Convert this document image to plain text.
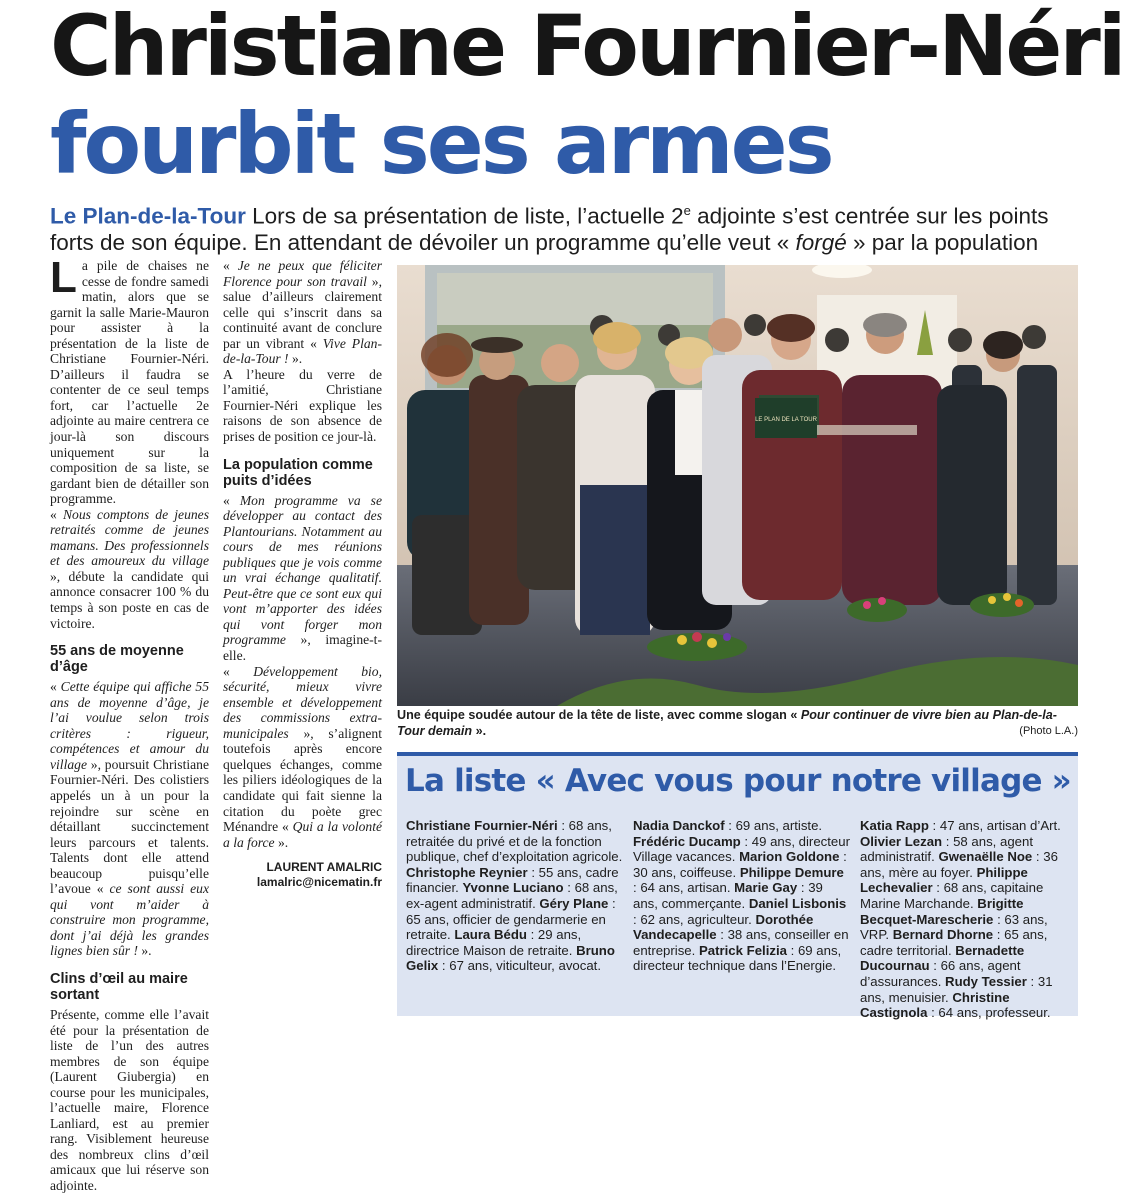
Christiane Fournier-Néri
fourbit ses armes
Le Plan-de-la-Tour Lors de sa présentation de liste, l’actuelle 2e adjointe s’est centrée sur les points forts de son équipe. En attendant de dévoiler un programme qu’elle veut « forgé » par la population

La pile de chaises ne cesse de fondre samedi matin, alors que se garnit la salle Marie-Mauron pour assister à la présentation de la liste de Christiane Fournier-Néri. D’ailleurs il faudra se contenter de ce seul temps fort, car l’actuelle 2e adjointe au maire centrera ce jour-là son discours uniquement sur la composition de sa liste, se gardant bien de détailler son programme.

« Nous comptons de jeunes retraités comme de jeunes mamans. Des professionnels et des amoureux du village », débute la candidate qui annonce consacrer 100 % du temps à son poste en cas de victoire.

55 ans de moyenne d’âge

« Cette équipe qui affiche 55 ans de moyenne d’âge, je l’ai voulue selon trois critères : rigueur, compétences et amour du village », poursuit Christiane Fournier-Néri. Des colistiers appelés un à un pour la rejoindre sur scène en détaillant succinctement leurs parcours et talents. Talents dont elle attend beaucoup puisqu’elle l’avoue « ce sont aussi eux qui vont m’aider à construire mon programme, dont j’ai déjà les grandes lignes bien sûr ! ».

Clins d’œil au maire sortant

Présente, comme elle l’avait été pour la présentation de liste de l’un des autres membres de son équipe (Laurent Giubergia) en course pour les municipales, l’actuelle maire, Florence Lanliard, est au premier rang. Visiblement heureuse des nombreux clins d’œil amicaux que lui réserve son adjointe.

« Je ne peux que féliciter Florence pour son travail », salue d’ailleurs clairement celle qui s’inscrit dans sa continuité avant de conclure par un vibrant « Vive Plan-de-la-Tour ! ».

A l’heure du verre de l’amitié, Christiane Fournier-Néri explique les raisons de son absence de prises de position ce jour-là.

La population comme puits d’idées

« Mon programme va se développer au contact des Plantourians. Notamment au cours de mes réunions publiques que je vois comme un vrai échange qualitatif. Peut-être que ce sont eux qui vont m’apporter des idées qui vont forger mon programme », imagine-t-elle.

« Développement bio, sécurité, mieux vivre ensemble et développement des commissions extra-municipales », s’alignent toutefois après encore quelques échanges, comme les piliers idéologiques de la candidate qui fait sienne la citation du poète grec Ménandre « Qui a la volonté a la force ».

LAURENT AMALRIC
lamalric@nicematin.fr
LE PLAN DE LA TOUR
Une équipe soudée autour de la tête de liste, avec comme slogan « Pour continuer de vivre bien au Plan-de-la-Tour demain ».	(Photo L.A.)
La liste « Avec vous pour notre village »
Christiane Fournier-Néri : 68 ans, retraitée du privé et de la fonction publique, chef d’exploitation agricole. Christophe Reynier : 55 ans, cadre financier. Yvonne Luciano : 68 ans, ex-agent administratif. Géry Plane : 65 ans, officier de gendarmerie en retraite. Laura Bédu : 29 ans, directrice Maison de retraite. Bruno Gelix : 67 ans, viticulteur, avocat.
Nadia Danckof : 69 ans, artiste. Frédéric Ducamp : 49 ans, directeur Village vacances. Marion Goldone : 30 ans, coiffeuse. Philippe Demure : 64 ans, artisan. Marie Gay : 39 ans, commerçante. Daniel Lisbonis : 62 ans, agriculteur. Dorothée Vandecapelle : 38 ans, conseiller en entreprise. Patrick Felizia : 69 ans, directeur technique dans l’Energie.
Katia Rapp : 47 ans, artisan d’Art. Olivier Lezan : 58 ans, agent administratif. Gwenaëlle Noe : 36 ans, mère au foyer. Philippe Lechevalier : 68 ans, capitaine Marine Marchande. Brigitte Becquet-Marescherie : 63 ans, VRP. Bernard Dhorne : 65 ans, cadre territorial. Bernadette Ducournau : 66 ans, agent d’assurances. Rudy Tessier : 31 ans, menuisier. Christine Castignola : 64 ans, professeur.
